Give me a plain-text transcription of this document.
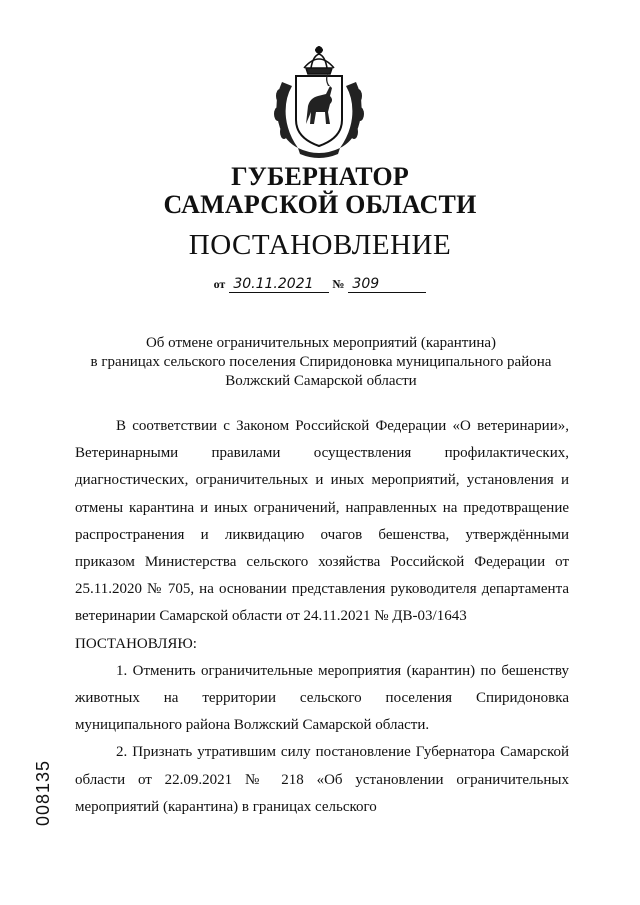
ГУБЕРНАТОР
САМАРСКОЙ ОБЛАСТИ
ПОСТАНОВЛЕНИЕ
от 30.11.2021 № 309
Об отмене ограничительных мероприятий (карантина)
в границах сельского поселения Спиридоновка муниципального района
Волжский Самарской области

В соответствии с Законом Российской Федерации «О ветеринарии», Ветеринарными правилами осуществления профилактических, диагностических, ограничительных и иных мероприятий, установления и отмены карантина и иных ограничений, направленных на предотвращение распространения и ликвидацию очагов бешенства, утверждёнными приказом Министерства сельского хозяйства Российской Федерации от 25.11.2020 № 705, на основании представления руководителя департамента ветеринарии Самарской области от 24.11.2021 № ДВ-03/1643

ПОСТАНОВЛЯЮ:

1. Отменить ограничительные мероприятия (карантин) по бешенству животных на территории сельского поселения Спиридоновка муниципального района Волжский Самарской области.

2. Признать утратившим силу постановление Губернатора Самарской области от 22.09.2021 № 218 «Об установлении ограничительных мероприятий (карантина) в границах сельского

008135
